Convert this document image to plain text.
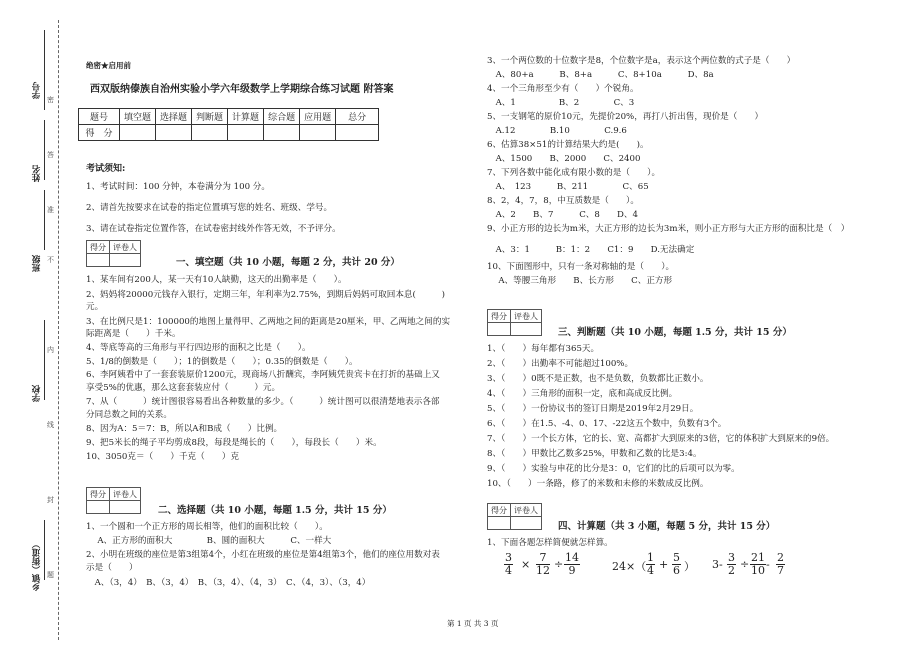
学号
姓名
班级
学校
乡镇（街道）
密
封
线
内
不
准
答
题
绝密★启用前
西双版纳傣族自治州实验小学六年级数学上学期综合练习试题 附答案
题号	填空题	选择题	判断题	计算题	综合题	应用题	总分
得　分							
考试须知:
1、考试时间：100 分钟，本卷满分为 100 分。
2、请首先按要求在试卷的指定位置填写您的姓名、班级、学号。
3、请在试卷指定位置作答，在试卷密封线外作答无效，不予评分。
得分	评卷人

一、填空题（共 10 小题，每题 2 分，共计 20 分）
1、某车间有200人，某一天有10人缺勤，这天的出勤率是（　　）。
2、妈妈将20000元钱存入银行，定期三年，年利率为2.75%，到期后妈妈可取回本息(　　　)
元。
3、在比例尺是1：100000的地图上量得甲、乙两地之间的距离是20厘米，甲、乙两地之间的实
际距离是（　　）千米。
4、等底等高的三角形与平行四边形的面积之比是（　　）。
5、1/8的倒数是（　　）；1的倒数是（　　）；0.35的倒数是（　　）。
6、李阿姨看中了一套套装原价1200元，现商场八折酬宾，李阿姨凭贵宾卡在打折的基础上又
享受5%的优惠，那么这套套装应付（　　　）元。
7、从（　　　）统计图很容易看出各种数量的多少。（　　　）统计图可以很清楚地表示各部
分同总数之间的关系。
8、因为A：5＝7：B，所以A和B成（　　）比例。
9、把5米长的绳子平均剪成8段，每段是绳长的（　　），每段长（　　）米。
10、3050克＝（　　）千克（　　）克
得分	评卷人

二、选择题（共 10 小题，每题 1.5 分，共计 15 分）
1、一个圆和一个正方形的周长相等，他们的面积比较（　　）。
　 A、正方形的面积大　　　　B、圆的面积大　　　C、一样大
2、小明在班级的座位是第3组第4个，小红在班级的座位是第4组第3个，他们的座位用数对表
示是（　　）
　A、（3，4）　B、（3，4）　B、（3，4）、（4，3）　C、（4，3）、（3，4）
3、一个两位数的十位数字是8，个位数字是a，表示这个两位数的式子是（　　）
　A、80+a　　　B、8+a　　　C、8+10a　　　D、8a
4、一个三角形至少有（　　）个锐角。
　A、1　　　　　B、2　　　　C、3
5、一支钢笔的原价10元，先提价20%，再打八折出售，现价是（　　）
　A.12　　　　B.10　　　　C.9.6
6、估算38×51的计算结果大约是(　　)。
　A、1500　　B、2000　　C、2400
7、下列各数中能化成有限小数的是（　　）。
　A、　123　　　B、211　　　　C、65
8、2，4，7，8，中互质数是（　　）。
　A、2　　B、7　　　C、8　　D、4
9、小正方形的边长为m米，大正方形的边长为3m米，则小正方形与大正方形的面积比是（　）
　A、3：1　　　B：1：2　　C1：9　　D.无法确定
10、下面图形中，只有一条对称轴的是（　　）。
　 A、等腰三角形　　B、长方形　　C、正方形
得分	评卷人

三、判断题（共 10 小题，每题 1.5 分，共计 15 分）
1、（　　）每年都有365天。
2、（　　）出勤率不可能超过100%。
3、（　　）0既不是正数，也不是负数，负数都比正数小。
4、（　　）三角形的面积一定，底和高成反比例。
5、（　　）一份协议书的签订日期是2019年2月29日。
6、（　　）在1.5、-4、0、17、-22这五个数中，负数有3个。
7、（　　）一个长方体，它的长、宽、高都扩大到原来的3倍，它的体积扩大到原来的9倍。
8、（　　）甲数比乙数多25%，甲数和乙数的比是3:4。
9、（　　）实验与申花的比分是3：0，它们的比的后项可以为零。
10、（　　）一条路，修了的米数和未修的米数成反比例。
得分	评卷人

四、计算题（共 3 小题，每题 5 分，共计 15 分）
1、下面各题怎样简便就怎样算。
$\frac{3}{4} \times \frac{7}{12} \div \frac{14}{9}$	$24\times( \frac{1}{4} + \frac{5}{6}$ ） $3- \frac{3}{2} \div \frac{21}{10} - \frac{2}{7}$
第 1 页 共 3 页
